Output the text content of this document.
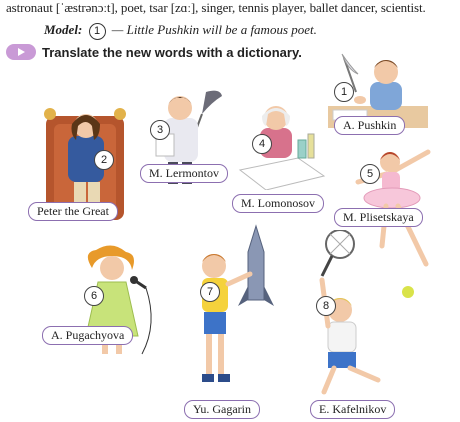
astronaut [ˈæstrənɔːt], poet, tsar [zɑː], singer, tennis player, ballet dancer, scientist.
Model: 1 — Little Pushkin will be a famous poet.
Translate the new words with a dictionary.
1
A. Pushkin
2
Peter the Great
3
M. Lermontov
4
M. Lomonosov
5
M. Plisetskaya
6
A. Pugachyova
7
Yu. Gagarin
8
E. Kafelnikov
